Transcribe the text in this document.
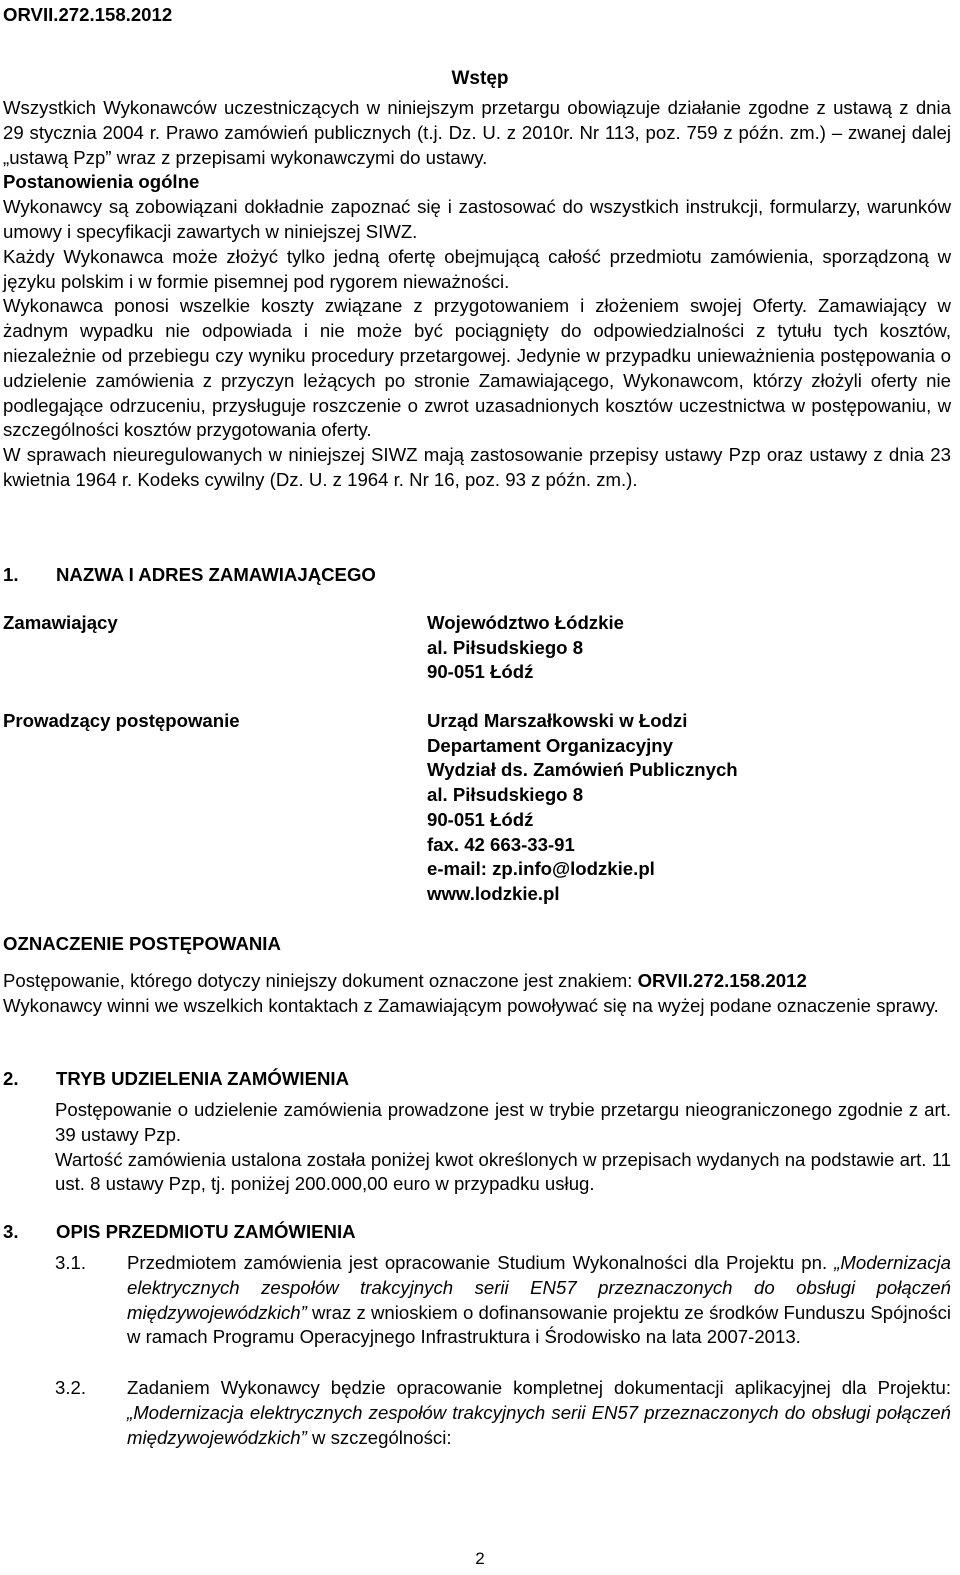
ORVII.272.158.2012
Wstęp

Wszystkich Wykonawców uczestniczących w niniejszym przetargu obowiązuje działanie zgodne z ustawą z dnia 29 stycznia 2004 r. Prawo zamówień publicznych (t.j. Dz. U. z 2010r. Nr 113, poz. 759 z późn. zm.) – zwanej dalej „ustawą Pzp” wraz z przepisami wykonawczymi do ustawy.

Postanowienia ogólne

Wykonawcy są zobowiązani dokładnie zapoznać się i zastosować do wszystkich instrukcji, formularzy, warunków umowy i specyfikacji zawartych w niniejszej SIWZ.

Każdy Wykonawca może złożyć tylko jedną ofertę obejmującą całość przedmiotu zamówienia, sporządzoną w języku polskim i w formie pisemnej pod rygorem nieważności.

Wykonawca ponosi wszelkie koszty związane z przygotowaniem i złożeniem swojej Oferty. Zamawiający w żadnym wypadku nie odpowiada i nie może być pociągnięty do odpowiedzialności z tytułu tych kosztów, niezależnie od przebiegu czy wyniku procedury przetargowej. Jedynie w przypadku unieważnienia postępowania o udzielenie zamówienia z przyczyn leżących po stronie Zamawiającego, Wykonawcom, którzy złożyli oferty nie podlegające odrzuceniu, przysługuje roszczenie o zwrot uzasadnionych kosztów uczestnictwa w postępowaniu, w szczególności kosztów przygotowania oferty.

W sprawach nieuregulowanych w niniejszej SIWZ mają zastosowanie przepisy ustawy Pzp oraz ustawy z dnia 23 kwietnia 1964 r. Kodeks cywilny (Dz. U. z 1964 r. Nr 16, poz. 93 z późn. zm.).

1. NAZWA I ADRES ZAMAWIAJĄCEGO
Zamawiający	Województwo Łódzkie
al. Piłsudskiego 8
90-051 Łódź
Prowadzący postępowanie	Urząd Marszałkowski w Łodzi
Departament Organizacyjny
Wydział ds. Zamówień Publicznych
al. Piłsudskiego 8
90-051 Łódź
fax. 42 663-33-91
e-mail: zp.info@lodzkie.pl
www.lodzkie.pl
OZNACZENIE POSTĘPOWANIA

Postępowanie, którego dotyczy niniejszy dokument oznaczone jest znakiem: ORVII.272.158.2012

Wykonawcy winni we wszelkich kontaktach z Zamawiającym powoływać się na wyżej podane oznaczenie sprawy.

2. TRYB UDZIELENIA ZAMÓWIENIA

Postępowanie o udzielenie zamówienia prowadzone jest w trybie przetargu nieograniczonego zgodnie z art. 39 ustawy Pzp.

Wartość zamówienia ustalona została poniżej kwot określonych w przepisach wydanych na podstawie art. 11 ust. 8 ustawy Pzp, tj. poniżej 200.000,00 euro w przypadku usług.

3. OPIS PRZEDMIOTU ZAMÓWIENIA
3.1. Przedmiotem zamówienia jest opracowanie Studium Wykonalności dla Projektu pn. „Modernizacja elektrycznych zespołów trakcyjnych serii EN57 przeznaczonych do obsługi połączeń międzywojewódzkich” wraz z wnioskiem o dofinansowanie projektu ze środków Funduszu Spójności w ramach Programu Operacyjnego Infrastruktura i Środowisko na lata 2007-2013.
3.2. Zadaniem Wykonawcy będzie opracowanie kompletnej dokumentacji aplikacyjnej dla Projektu: „Modernizacja elektrycznych zespołów trakcyjnych serii EN57 przeznaczonych do obsługi połączeń międzywojewódzkich” w szczególności:
2
